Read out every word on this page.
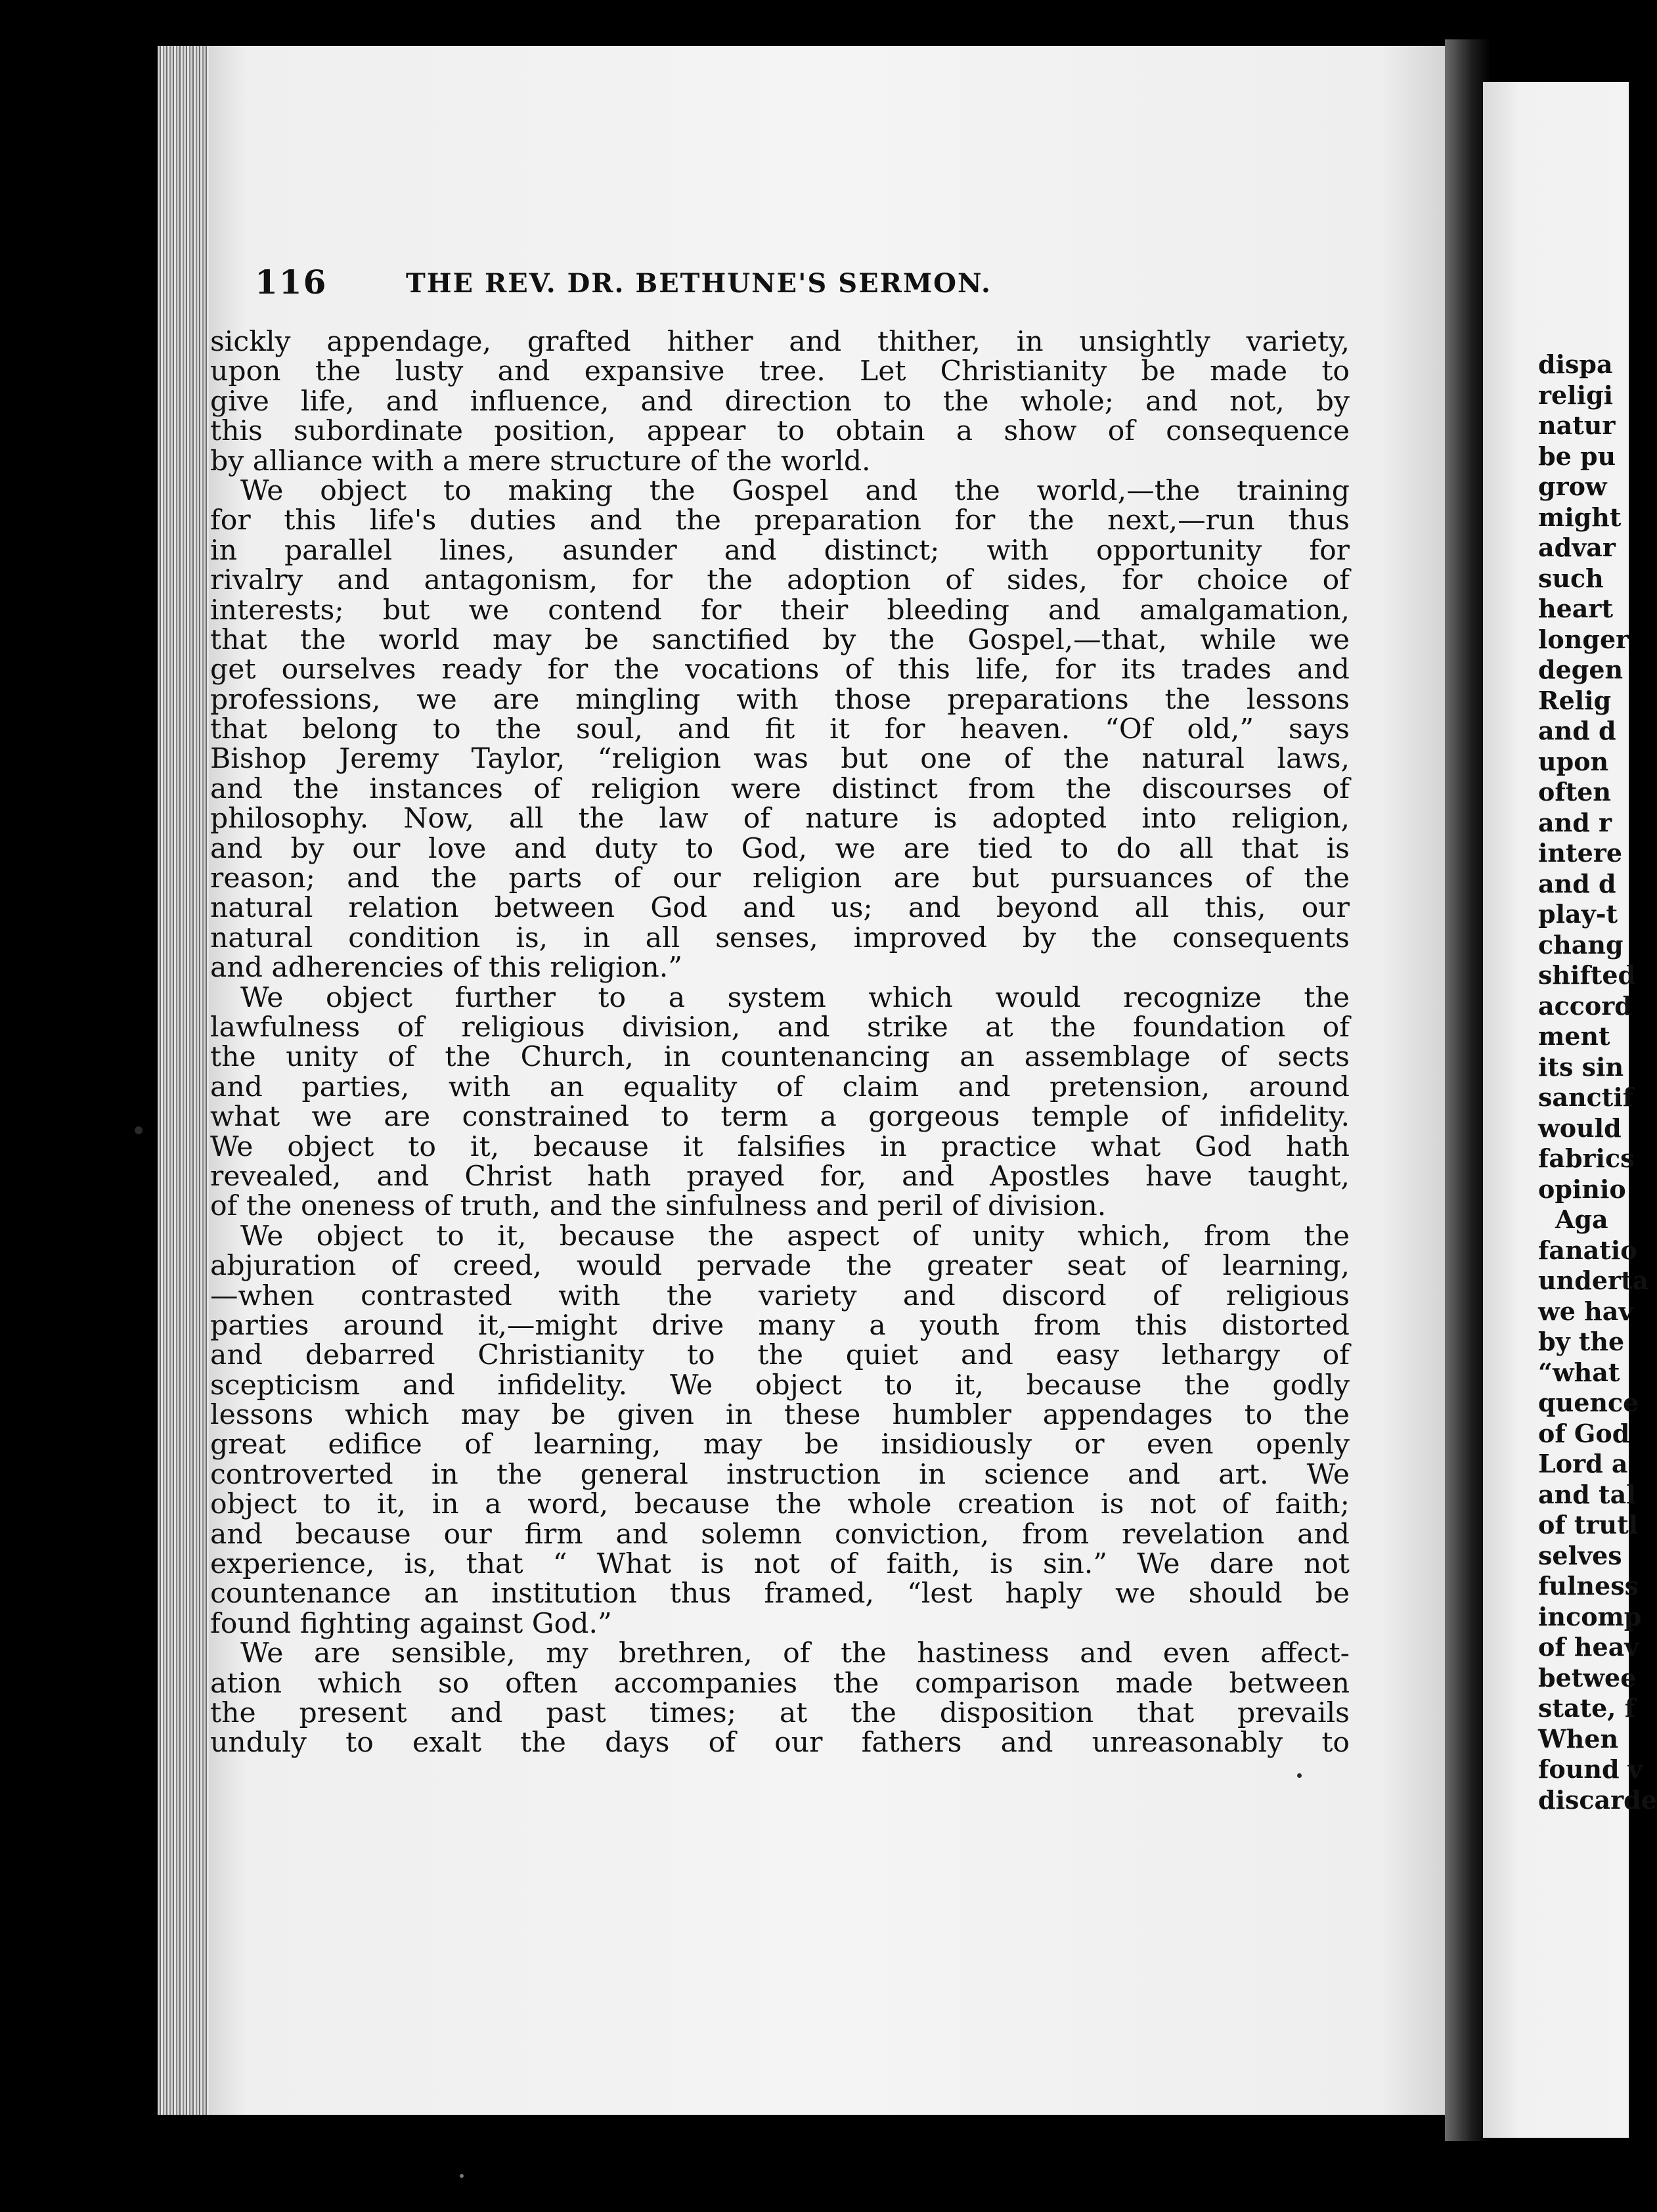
116	THE REV. DR. BETHUNE'S SERMON.
sickly appendage, grafted hither and thither, in unsightly variety,
upon the lusty and expansive tree. Let Christianity be made to
give life, and influence, and direction to the whole; and not, by
this subordinate position, appear to obtain a show of consequence
by alliance with a mere structure of the world.
We object to making the Gospel and the world,—the training
for this life's duties and the preparation for the next,—run thus
in parallel lines, asunder and distinct; with opportunity for
rivalry and antagonism, for the adoption of sides, for choice of
interests; but we contend for their bleeding and amalgamation,
that the world may be sanctified by the Gospel,—that, while we
get ourselves ready for the vocations of this life, for its trades and
professions, we are mingling with those preparations the lessons
that belong to the soul, and fit it for heaven. “Of old,” says
Bishop Jeremy Taylor, “religion was but one of the natural laws,
and the instances of religion were distinct from the discourses of
philosophy. Now, all the law of nature is adopted into religion,
and by our love and duty to God, we are tied to do all that is
reason; and the parts of our religion are but pursuances of the
natural relation between God and us; and beyond all this, our
natural condition is, in all senses, improved by the consequents
and adherencies of this religion.”
We object further to a system which would recognize the
lawfulness of religious division, and strike at the foundation of
the unity of the Church, in countenancing an assemblage of sects
and parties, with an equality of claim and pretension, around
what we are constrained to term a gorgeous temple of infidelity.
We object to it, because it falsifies in practice what God hath
revealed, and Christ hath prayed for, and Apostles have taught,
of the oneness of truth, and the sinfulness and peril of division.
We object to it, because the aspect of unity which, from the
abjuration of creed, would pervade the greater seat of learning,
—when contrasted with the variety and discord of religious
parties around it,—might drive many a youth from this distorted
and debarred Christianity to the quiet and easy lethargy of
scepticism and infidelity. We object to it, because the godly
lessons which may be given in these humbler appendages to the
great edifice of learning, may be insidiously or even openly
controverted in the general instruction in science and art. We
object to it, in a word, because the whole creation is not of faith;
and because our firm and solemn conviction, from revelation and
experience, is, that “ What is not of faith, is sin.” We dare not
countenance an institution thus framed, “lest haply we should be
found fighting against God.”
We are sensible, my brethren, of the hastiness and even affect-
ation which so often accompanies the comparison made between
the present and past times; at the disposition that prevails
unduly to exalt the days of our fathers and unreasonably to
dispa
religi
natur
be pu
grow
might
advar
such
heart
longer
degen
Relig
and d
upon
often
and r
intere
and d
play-t
chang
shifted
accord
ment
its sin
sanctif
would
fabrics
opinio
Aga
fanatio
underta
we hav
by the
“what
quence
of God
Lord a
and tal
of trutl
selves
fulness
incomp
of heav
betwee
state, f
When
found v
discarde
